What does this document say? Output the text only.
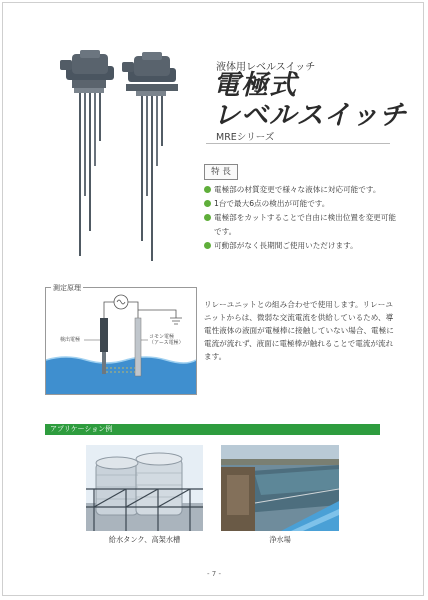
液体用レベルスイッチ
電極式
レベルスイッチ
MREシリーズ
特 長
電極部の材質変更で様々な液体に対応可能です。
1台で最大6点の検出が可能です。
電極部をカットすることで自由に検出位置を変更可能です。
可動部がなく長期間ご使用いただけます。
検出電極	コモン電極
（アース電極）
測定原理
リレーユニットとの組み合わせで使用します。リレーユニットからは、微弱な交流電流を供給しているため、導電性液体の液面が電極棒に接触していない場合、電極に電流が流れず、液面に電極棒が触れることで電流が流れます。
アプリケーション例
給水タンク、高架水槽	浄水場
- 7 -
